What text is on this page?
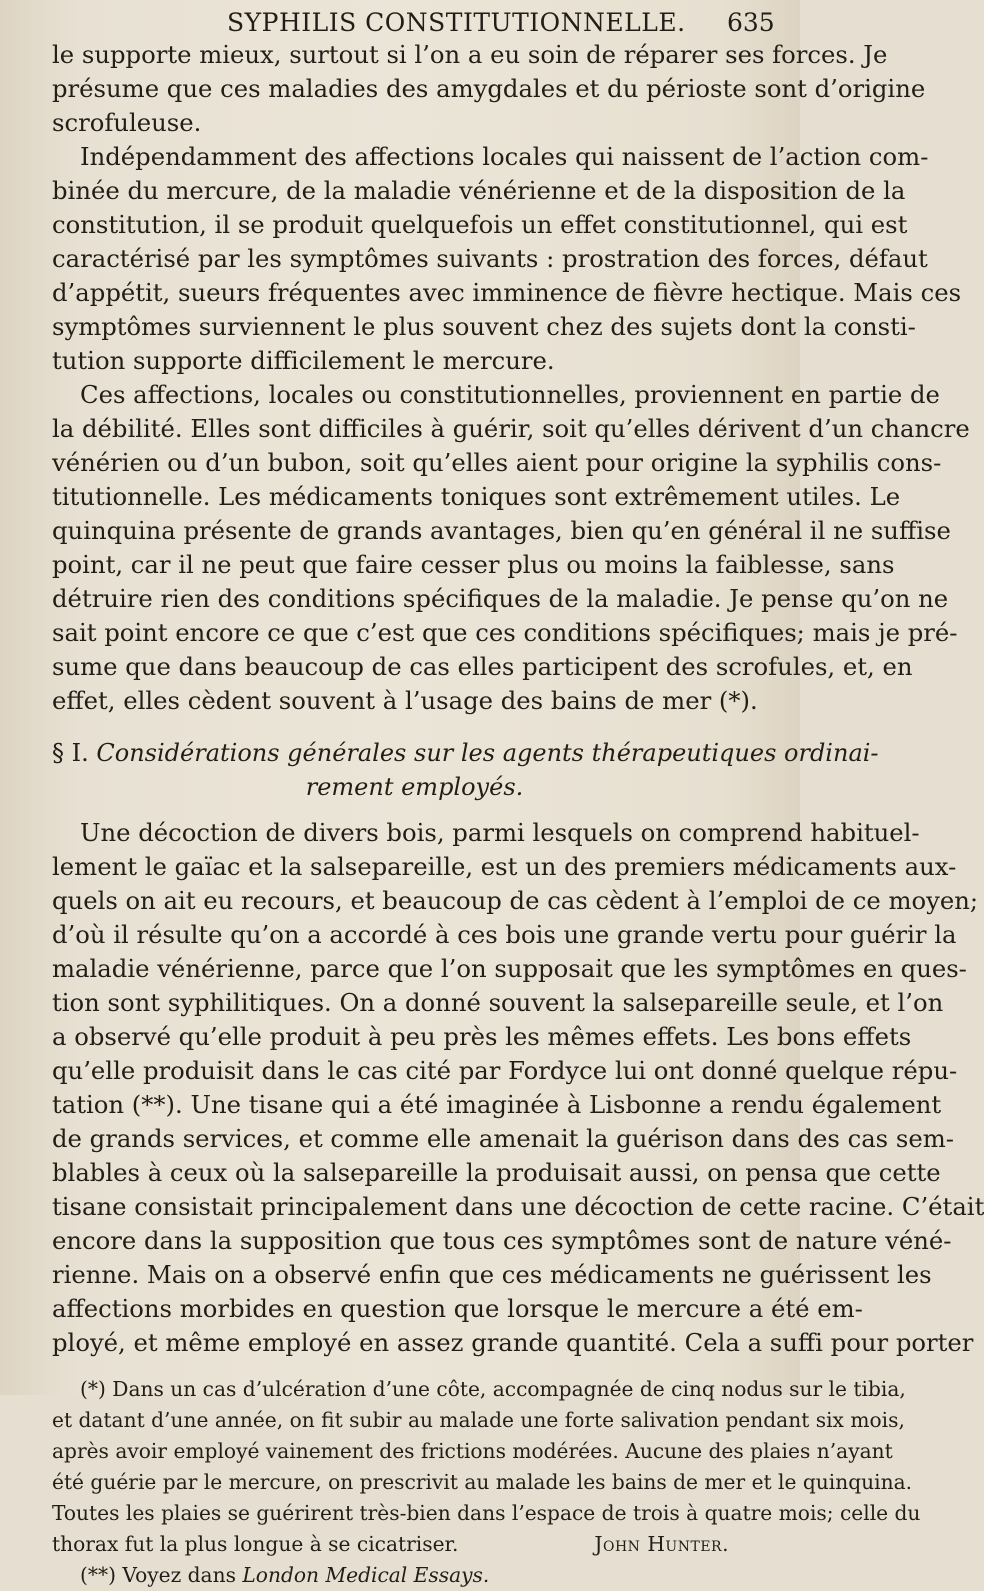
SYPHILIS CONSTITUTIONNELLE. 635
le supporte mieux, surtout si l’on a eu soin de réparer ses forces. Je
présume que ces maladies des amygdales et du périoste sont d’origine
scrofuleuse.
Indépendamment des affections locales qui naissent de l’action com-
binée du mercure, de la maladie vénérienne et de la disposition de la
constitution, il se produit quelquefois un effet constitutionnel, qui est
caractérisé par les symptômes suivants : prostration des forces, défaut
d’appétit, sueurs fréquentes avec imminence de fièvre hectique. Mais ces
symptômes surviennent le plus souvent chez des sujets dont la consti-
tution supporte difficilement le mercure.
Ces affections, locales ou constitutionnelles, proviennent en partie de
la débilité. Elles sont difficiles à guérir, soit qu’elles dérivent d’un chancre
vénérien ou d’un bubon, soit qu’elles aient pour origine la syphilis cons-
titutionnelle. Les médicaments toniques sont extrêmement utiles. Le
quinquina présente de grands avantages, bien qu’en général il ne suffise
point, car il ne peut que faire cesser plus ou moins la faiblesse, sans
détruire rien des conditions spécifiques de la maladie. Je pense qu’on ne
sait point encore ce que c’est que ces conditions spécifiques; mais je pré-
sume que dans beaucoup de cas elles participent des scrofules, et, en
effet, elles cèdent souvent à l’usage des bains de mer (*).
§ I. Considérations générales sur les agents thérapeutiques ordinai-
rement employés.
Une décoction de divers bois, parmi lesquels on comprend habituel-
lement le gaïac et la salsepareille, est un des premiers médicaments aux-
quels on ait eu recours, et beaucoup de cas cèdent à l’emploi de ce moyen;
d’où il résulte qu’on a accordé à ces bois une grande vertu pour guérir la
maladie vénérienne, parce que l’on supposait que les symptômes en ques-
tion sont syphilitiques. On a donné souvent la salsepareille seule, et l’on
a observé qu’elle produit à peu près les mêmes effets. Les bons effets
qu’elle produisit dans le cas cité par Fordyce lui ont donné quelque répu-
tation (**). Une tisane qui a été imaginée à Lisbonne a rendu également
de grands services, et comme elle amenait la guérison dans des cas sem-
blables à ceux où la salsepareille la produisait aussi, on pensa que cette
tisane consistait principalement dans une décoction de cette racine. C’était
encore dans la supposition que tous ces symptômes sont de nature véné-
rienne. Mais on a observé enfin que ces médicaments ne guérissent les
affections morbides en question que lorsque le mercure a été em-
ployé, et même employé en assez grande quantité. Cela a suffi pour porter
(*) Dans un cas d’ulcération d’une côte, accompagnée de cinq nodus sur le tibia,
et datant d’une année, on fit subir au malade une forte salivation pendant six mois,
après avoir employé vainement des frictions modérées. Aucune des plaies n’ayant
été guérie par le mercure, on prescrivit au malade les bains de mer et le quinquina.
Toutes les plaies se guérirent très-bien dans l’espace de trois à quatre mois; celle du
thorax fut la plus longue à se cicatriser.	John Hunter.
(**) Voyez dans London Medical Essays.
